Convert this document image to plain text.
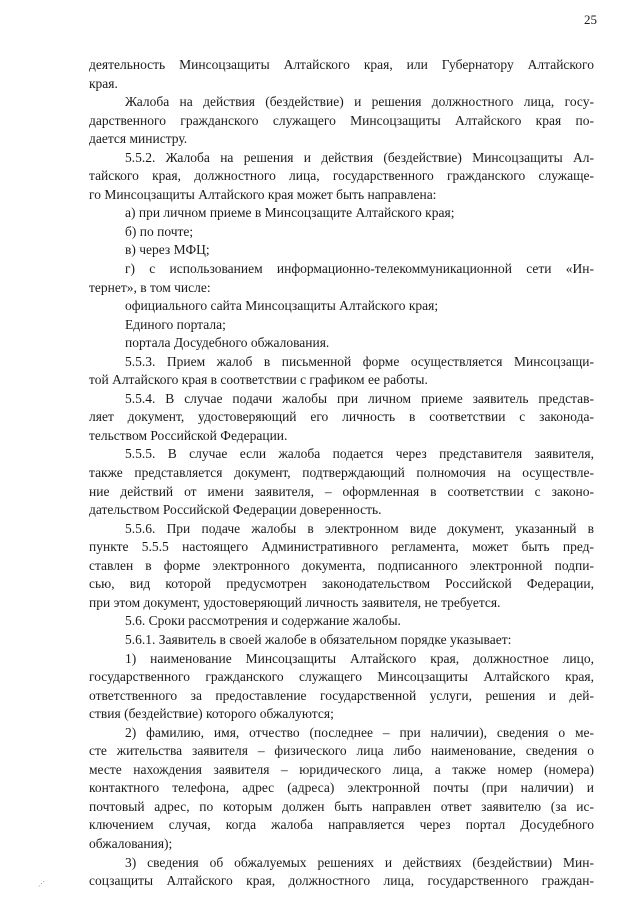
25
деятельность Минсоцзащиты Алтайского края, или Губернатору Алтайского
края.
Жалоба на действия (бездействие) и решения должностного лица, госу-
дарственного гражданского служащего Минсоцзащиты Алтайского края по-
дается министру.
5.5.2. Жалоба на решения и действия (бездействие) Минсоцзащиты Ал-
тайского края, должностного лица, государственного гражданского служаще-
го Минсоцзащиты Алтайского края может быть направлена:
а) при личном приеме в Минсоцзащите Алтайского края;
б) по почте;
в) через МФЦ;
г) с использованием информационно-телекоммуникационной сети «Ин-
тернет», в том числе:
официального сайта Минсоцзащиты Алтайского края;
Единого портала;
портала Досудебного обжалования.
5.5.3. Прием жалоб в письменной форме осуществляется Минсоцзащи-
той Алтайского края в соответствии с графиком ее работы.
5.5.4. В случае подачи жалобы при личном приеме заявитель представ-
ляет документ, удостоверяющий его личность в соответствии с законода-
тельством Российской Федерации.
5.5.5. В случае если жалоба подается через представителя заявителя,
также представляется документ, подтверждающий полномочия на осуществле-
ние действий от имени заявителя, – оформленная в соответствии с законо-
дательством Российской Федерации доверенность.
5.5.6. При подаче жалобы в электронном виде документ, указанный в
пункте 5.5.5 настоящего Административного регламента, может быть пред-
ставлен в форме электронного документа, подписанного электронной подпи-
сью, вид которой предусмотрен законодательством Российской Федерации,
при этом документ, удостоверяющий личность заявителя, не требуется.
5.6. Сроки рассмотрения и содержание жалобы.
5.6.1. Заявитель в своей жалобе в обязательном порядке указывает:
1) наименование Минсоцзащиты Алтайского края, должностное лицо,
государственного гражданского служащего Минсоцзащиты Алтайского края,
ответственного за предоставление государственной услуги, решения и дей-
ствия (бездействие) которого обжалуются;
2) фамилию, имя, отчество (последнее – при наличии), сведения о ме-
сте жительства заявителя – физического лица либо наименование, сведения о
месте нахождения заявителя – юридического лица, а также номер (номера)
контактного телефона, адрес (адреса) электронной почты (при наличии) и
почтовый адрес, по которым должен быть направлен ответ заявителю (за ис-
ключением случая, когда жалоба направляется через портал Досудебного
обжалования);
3) сведения об обжалуемых решениях и действиях (бездействии) Мин-
соцзащиты Алтайского края, должностного лица, государственного граждан-
⋰
